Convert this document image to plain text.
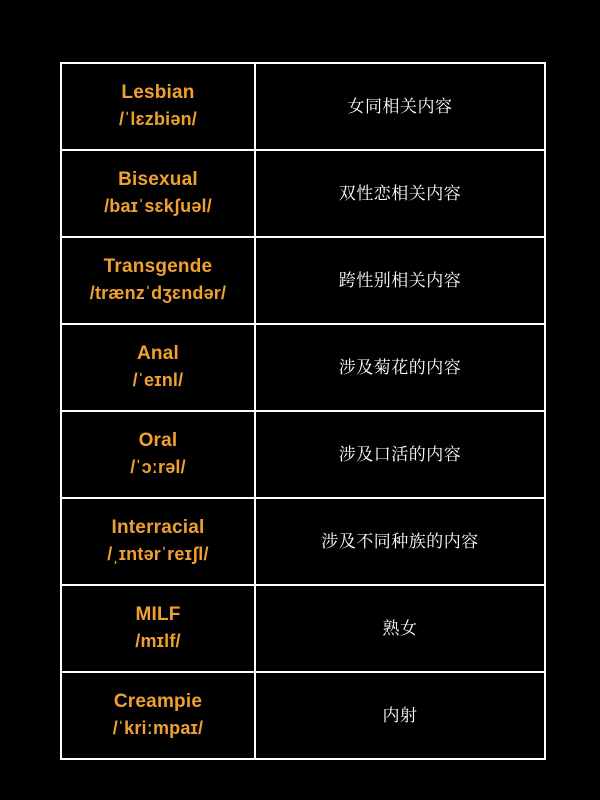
Lesbian
/ˈlɛzbiən/	女同相关内容

Bisexual
/baɪˈsɛkʃuəl/	双性恋相关内容

Transgende
/trænzˈdʒɛndər/	跨性别相关内容

Anal
/ˈeɪnl/	涉及菊花的内容

Oral
/ˈɔːrəl/	涉及口活的内容

Interracial
/ˌɪntərˈreɪʃl/	涉及不同种族的内容

MILF
/mɪlf/	熟女

Creampie
/ˈkriːmpaɪ/	内射
